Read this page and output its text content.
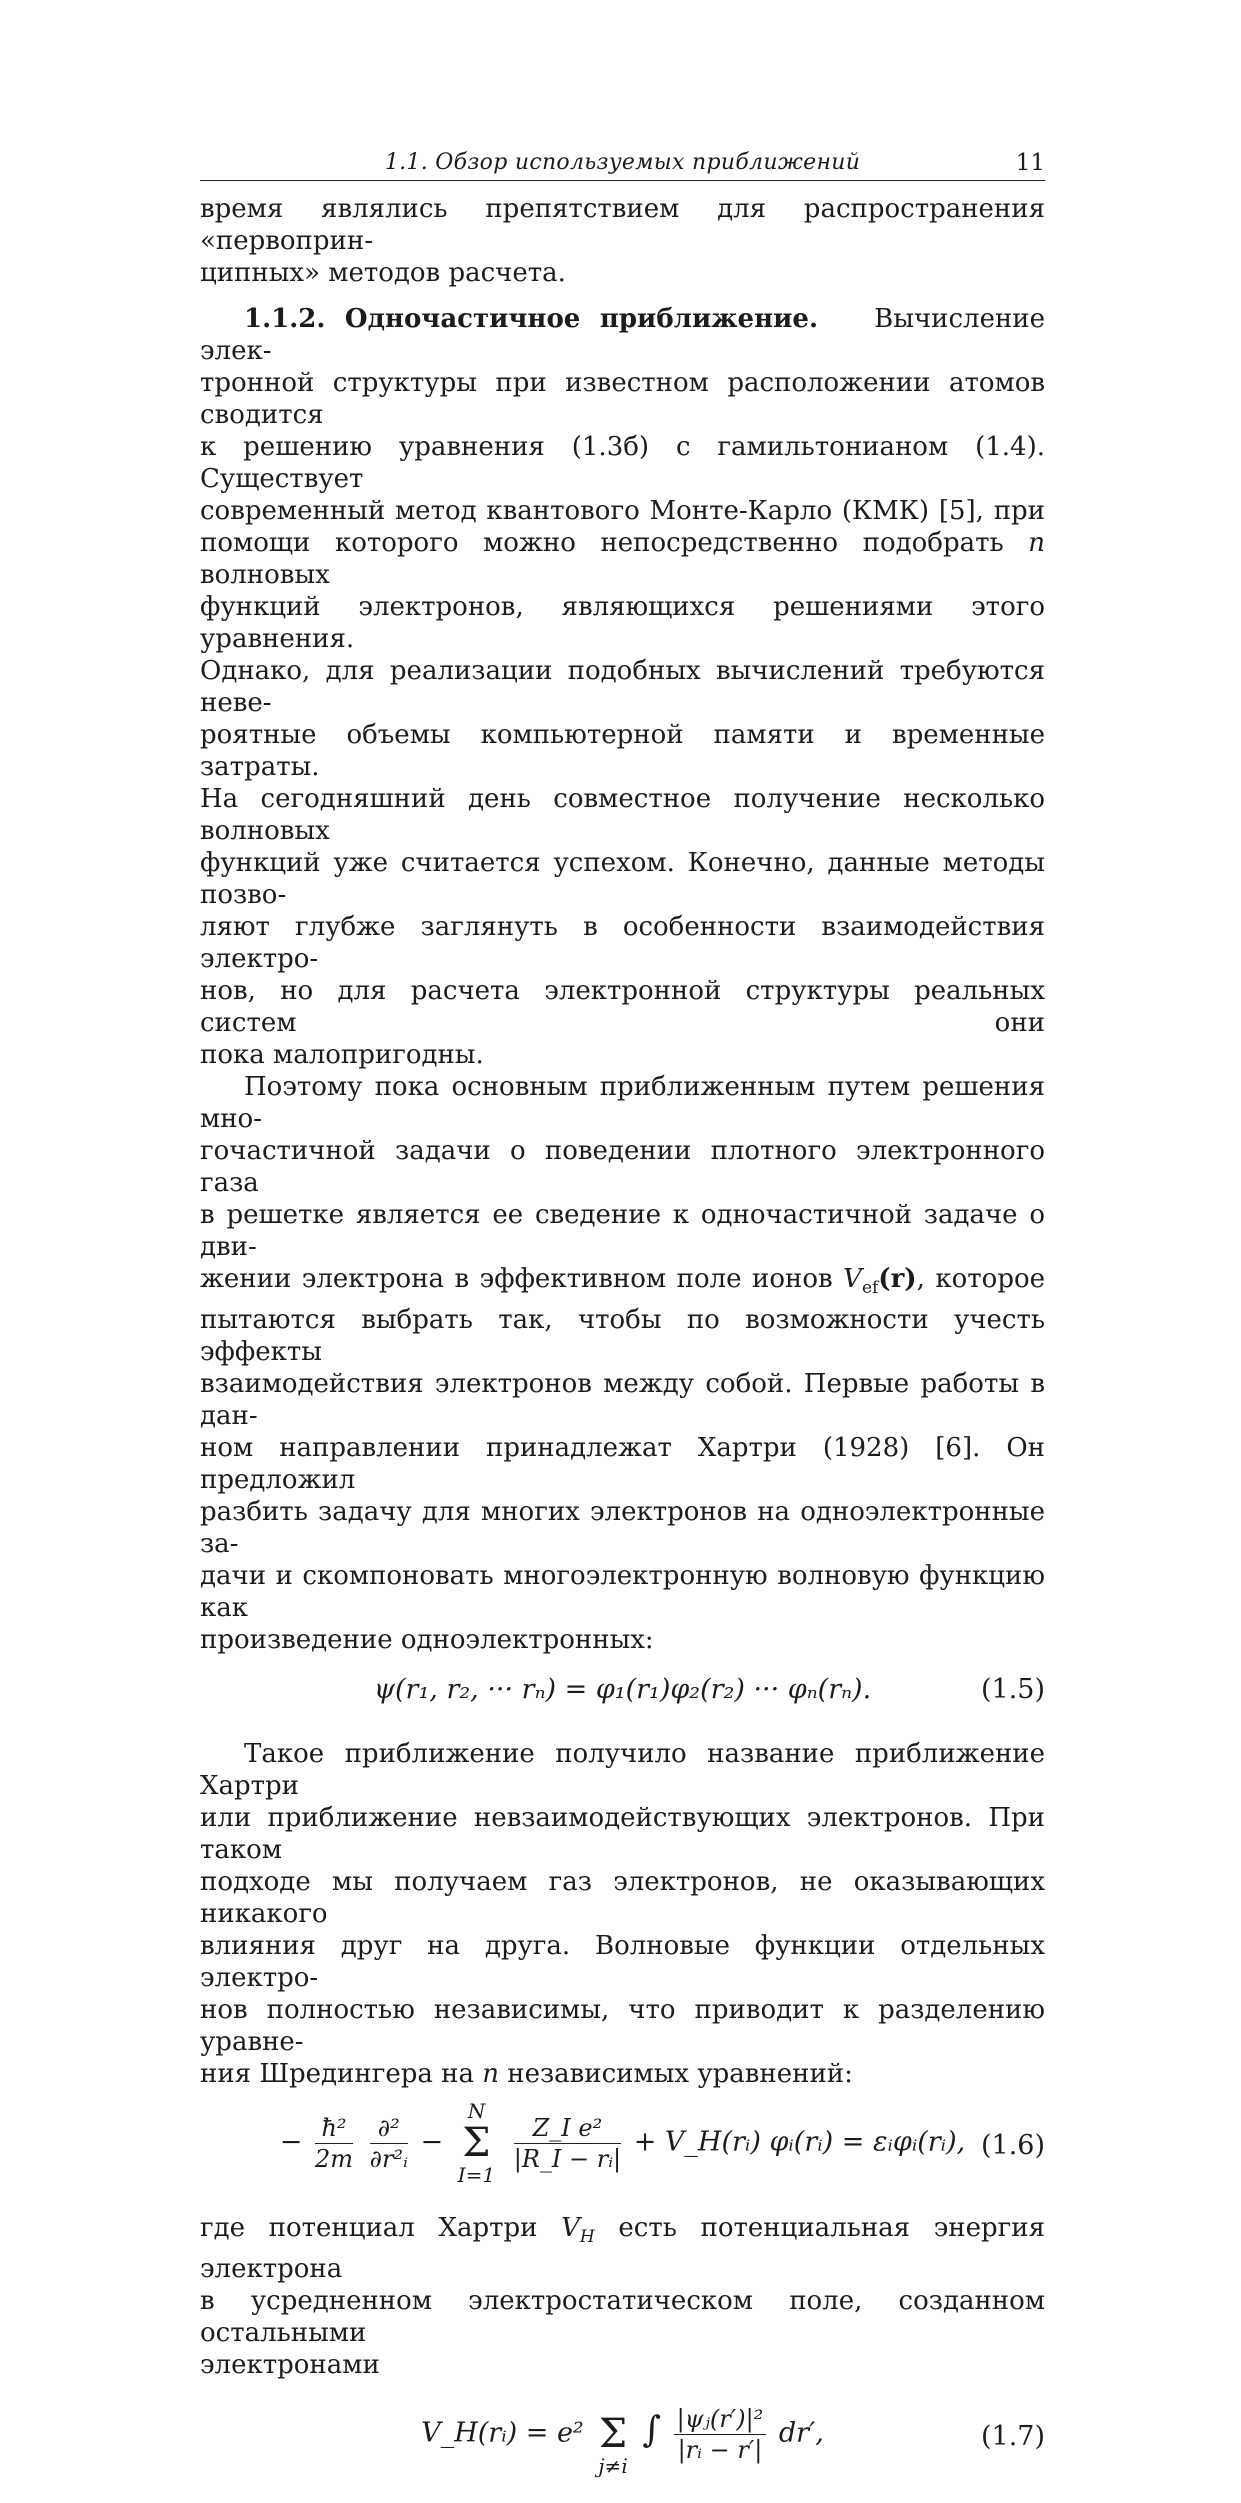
1.1. Обзор используемых приближений	11

время являлись препятствием для распространения «первоприн-

ципных» методов расчета.

1.1.2. Одночастичное приближение. Вычисление элек-

тронной структуры при известном расположении атомов сводится

к решению уравнения (1.3б) с гамильтонианом (1.4). Существует

современный метод квантового Монте-Карло (КМК) [5], при

помощи которого можно непосредственно подобрать n волновых

функций электронов, являющихся решениями этого уравнения.

Однако, для реализации подобных вычислений требуются неве-

роятные объемы компьютерной памяти и временные затраты.

На сегодняшний день совместное получение несколько волновых

функций уже считается успехом. Конечно, данные методы позво-

ляют глубже заглянуть в особенности взаимодействия электро-

нов, но для расчета электронной структуры реальных систем они

пока малопригодны.

Поэтому пока основным приближенным путем решения мно-

гочастичной задачи о поведении плотного электронного газа

в решетке является ее сведение к одночастичной задаче о дви-

жении электрона в эффективном поле ионов $V_{ef}(r)$, которое

пытаются выбрать так, чтобы по возможности учесть эффекты

взаимодействия электронов между собой. Первые работы в дан-

ном направлении принадлежат Хартри (1928) [6]. Он предложил

разбить задачу для многих электронов на одноэлектронные за-

дачи и скомпоновать многоэлектронную волновую функцию как

произведение одноэлектронных:

ψ(r₁, r₂, ··· rₙ) = φ₁(r₁)φ₂(r₂) ··· φₙ(rₙ).	(1.5)

Такое приближение получило название приближение Хартри

или приближение невзаимодействующих электронов. При таком

подходе мы получаем газ электронов, не оказывающих никакого

влияния друг на друга. Волновые функции отдельных электро-

нов полностью независимы, что приводит к разделению уравне-

ния Шредингера на n независимых уравнений:

− $\frac{\text{ħ²}}{2m}$
$\frac{\text{∂²}}{\text{∂r²ᵢ}}$ −
N
Σ
I=1

$\frac{\text{Z\_I e²}}{\text{|R\_I − rᵢ|}}$ + V_H(rᵢ) φᵢ(rᵢ) = εᵢφᵢ(rᵢ), (1.6)

где потенциал Хартри $V_H$ есть потенциальная энергия электрона

в усредненном электростатическом поле, созданном остальными

электронами

V_H(rᵢ) = e²
Σ
j≠i
∫ $\frac{\text{|ψⱼ(r′)|²}}{\text{|rᵢ − r′|}} dr'$,	(1.7)
